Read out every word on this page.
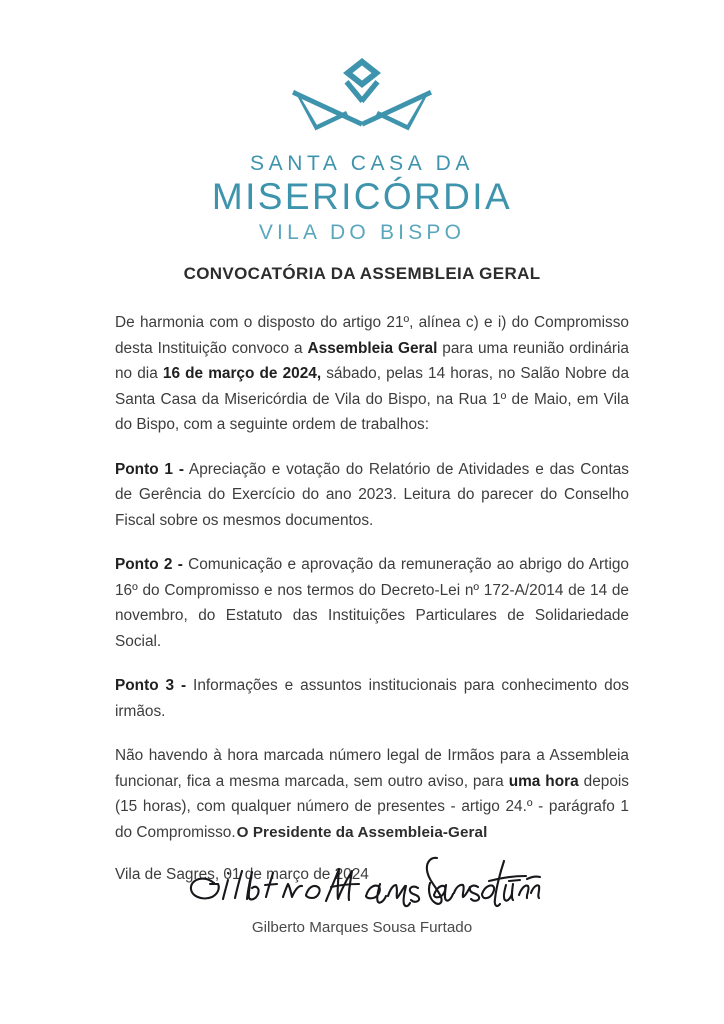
SANTA CASA DA
MISERICÓRDIA
VILA DO BISPO
CONVOCATÓRIA DA ASSEMBLEIA GERAL

De harmonia com o disposto do artigo 21º, alínea c) e i) do Compromisso desta Instituição convoco a Assembleia Geral para uma reunião ordinária no dia 16 de março de 2024, sábado, pelas 14 horas, no Salão Nobre da Santa Casa da Misericórdia de Vila do Bispo, na Rua 1º de Maio, em Vila do Bispo, com a seguinte ordem de trabalhos:

Ponto 1 - Apreciação e votação do Relatório de Atividades e das Contas de Gerência do Exercício do ano 2023. Leitura do parecer do Conselho Fiscal sobre os mesmos documentos.

Ponto 2 - Comunicação e aprovação da remuneração ao abrigo do Artigo 16º do Compromisso e nos termos do Decreto-Lei nº 172-A/2014 de 14 de novembro, do Estatuto das Instituições Particulares de Solidariedade Social.

Ponto 3 - Informações e assuntos institucionais para conhecimento dos irmãos.

Não havendo à hora marcada número legal de Irmãos para a Assembleia funcionar, fica a mesma marcada, sem outro aviso, para uma hora depois (15 horas), com qualquer número de presentes - artigo 24.º - parágrafo 1 do Compromisso.

Vila de Sagres, 01 de março de 2024

O Presidente da Assembleia-Geral
Gilberto Marques Sousa Furtado
